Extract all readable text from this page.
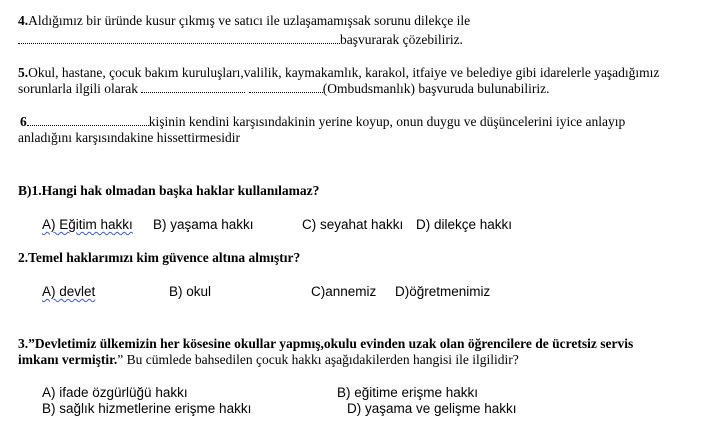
4.Aldığımız bir üründe kusur çıkmış ve satıcı ile uzlaşamamışsak sorunu dilekçe ile
başvurarak çözebiliriz.
5.Okul, hastane, çocuk bakım kuruluşları,valilik, kaymakamlık, karakol, itfaiye ve belediye gibi idarelerle yaşadığımız
sorunlarla ilgili olarak	(Ombudsmanlık) başvuruda bulunabiliriz.
6	kişinin kendini karşısındakinin yerine koyup, onun duygu ve düşüncelerini iyice anlayıp
anladığını karşısındakine hissettirmesidir
B)1.Hangi hak olmadan başka haklar kullanılamaz?
A) Eğitim hakkı B) yaşama hakkı	C) seyahat hakkı D) dilekçe hakkı
2.Temel haklarımızı kim güvence altına almıştır?
A) devlet	B) okul	C)annemiz D)öğretmenimiz
3.”Devletimiz ülkemizin her kösesine okullar yapmış,okulu evinden uzak olan öğrencilere de ücretsiz servis
imkanı vermiştir.” Bu cümlede bahsedilen çocuk hakkı aşağıdakilerden hangisi ile ilgilidir?
A) ifade özgürlüğü hakkı	B) eğitime erişme hakkı
B) sağlık hizmetlerine erişme hakkı	D) yaşama ve gelişme hakkı
